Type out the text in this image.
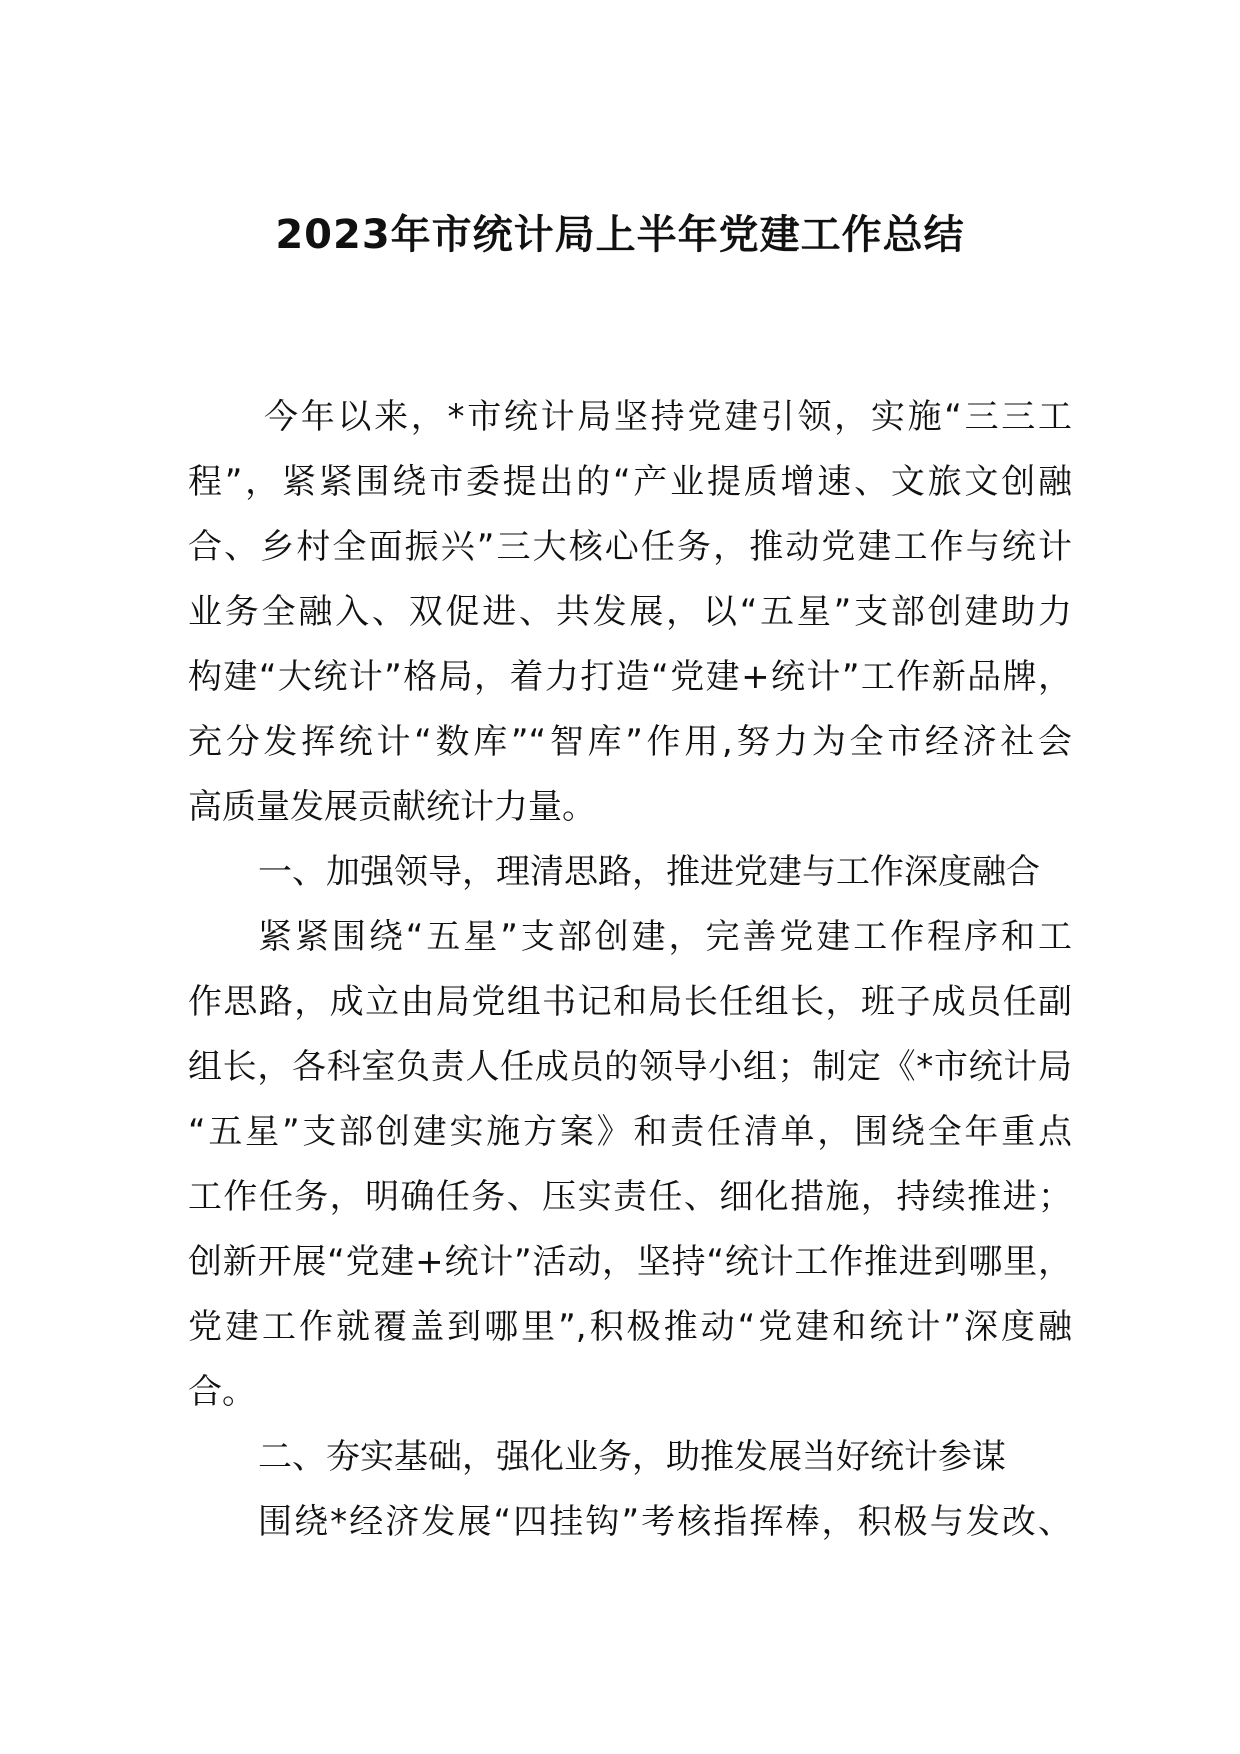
2023年市统计局上半年党建工作总结
今年以来，*市统计局坚持党建引领，实施“三三工
程”，紧紧围绕市委提出的“产业提质增速、文旅文创融
合、乡村全面振兴”三大核心任务，推动党建工作与统计
业务全融入、双促进、共发展，以“五星”支部创建助力
构建“大统计”格局，着力打造“党建+统计”工作新品牌，
充分发挥统计“数库”“智库”作用,努力为全市经济社会
高质量发展贡献统计力量。
一、加强领导，理清思路，推进党建与工作深度融合
紧紧围绕“五星”支部创建，完善党建工作程序和工
作思路，成立由局党组书记和局长任组长，班子成员任副
组长，各科室负责人任成员的领导小组；制定《*市统计局
“五星”支部创建实施方案》和责任清单，围绕全年重点
工作任务，明确任务、压实责任、细化措施，持续推进；
创新开展“党建+统计”活动，坚持“统计工作推进到哪里，
党建工作就覆盖到哪里”,积极推动“党建和统计”深度融
合。
二、夯实基础，强化业务，助推发展当好统计参谋
围绕*经济发展“四挂钩”考核指挥棒，积极与发改、
